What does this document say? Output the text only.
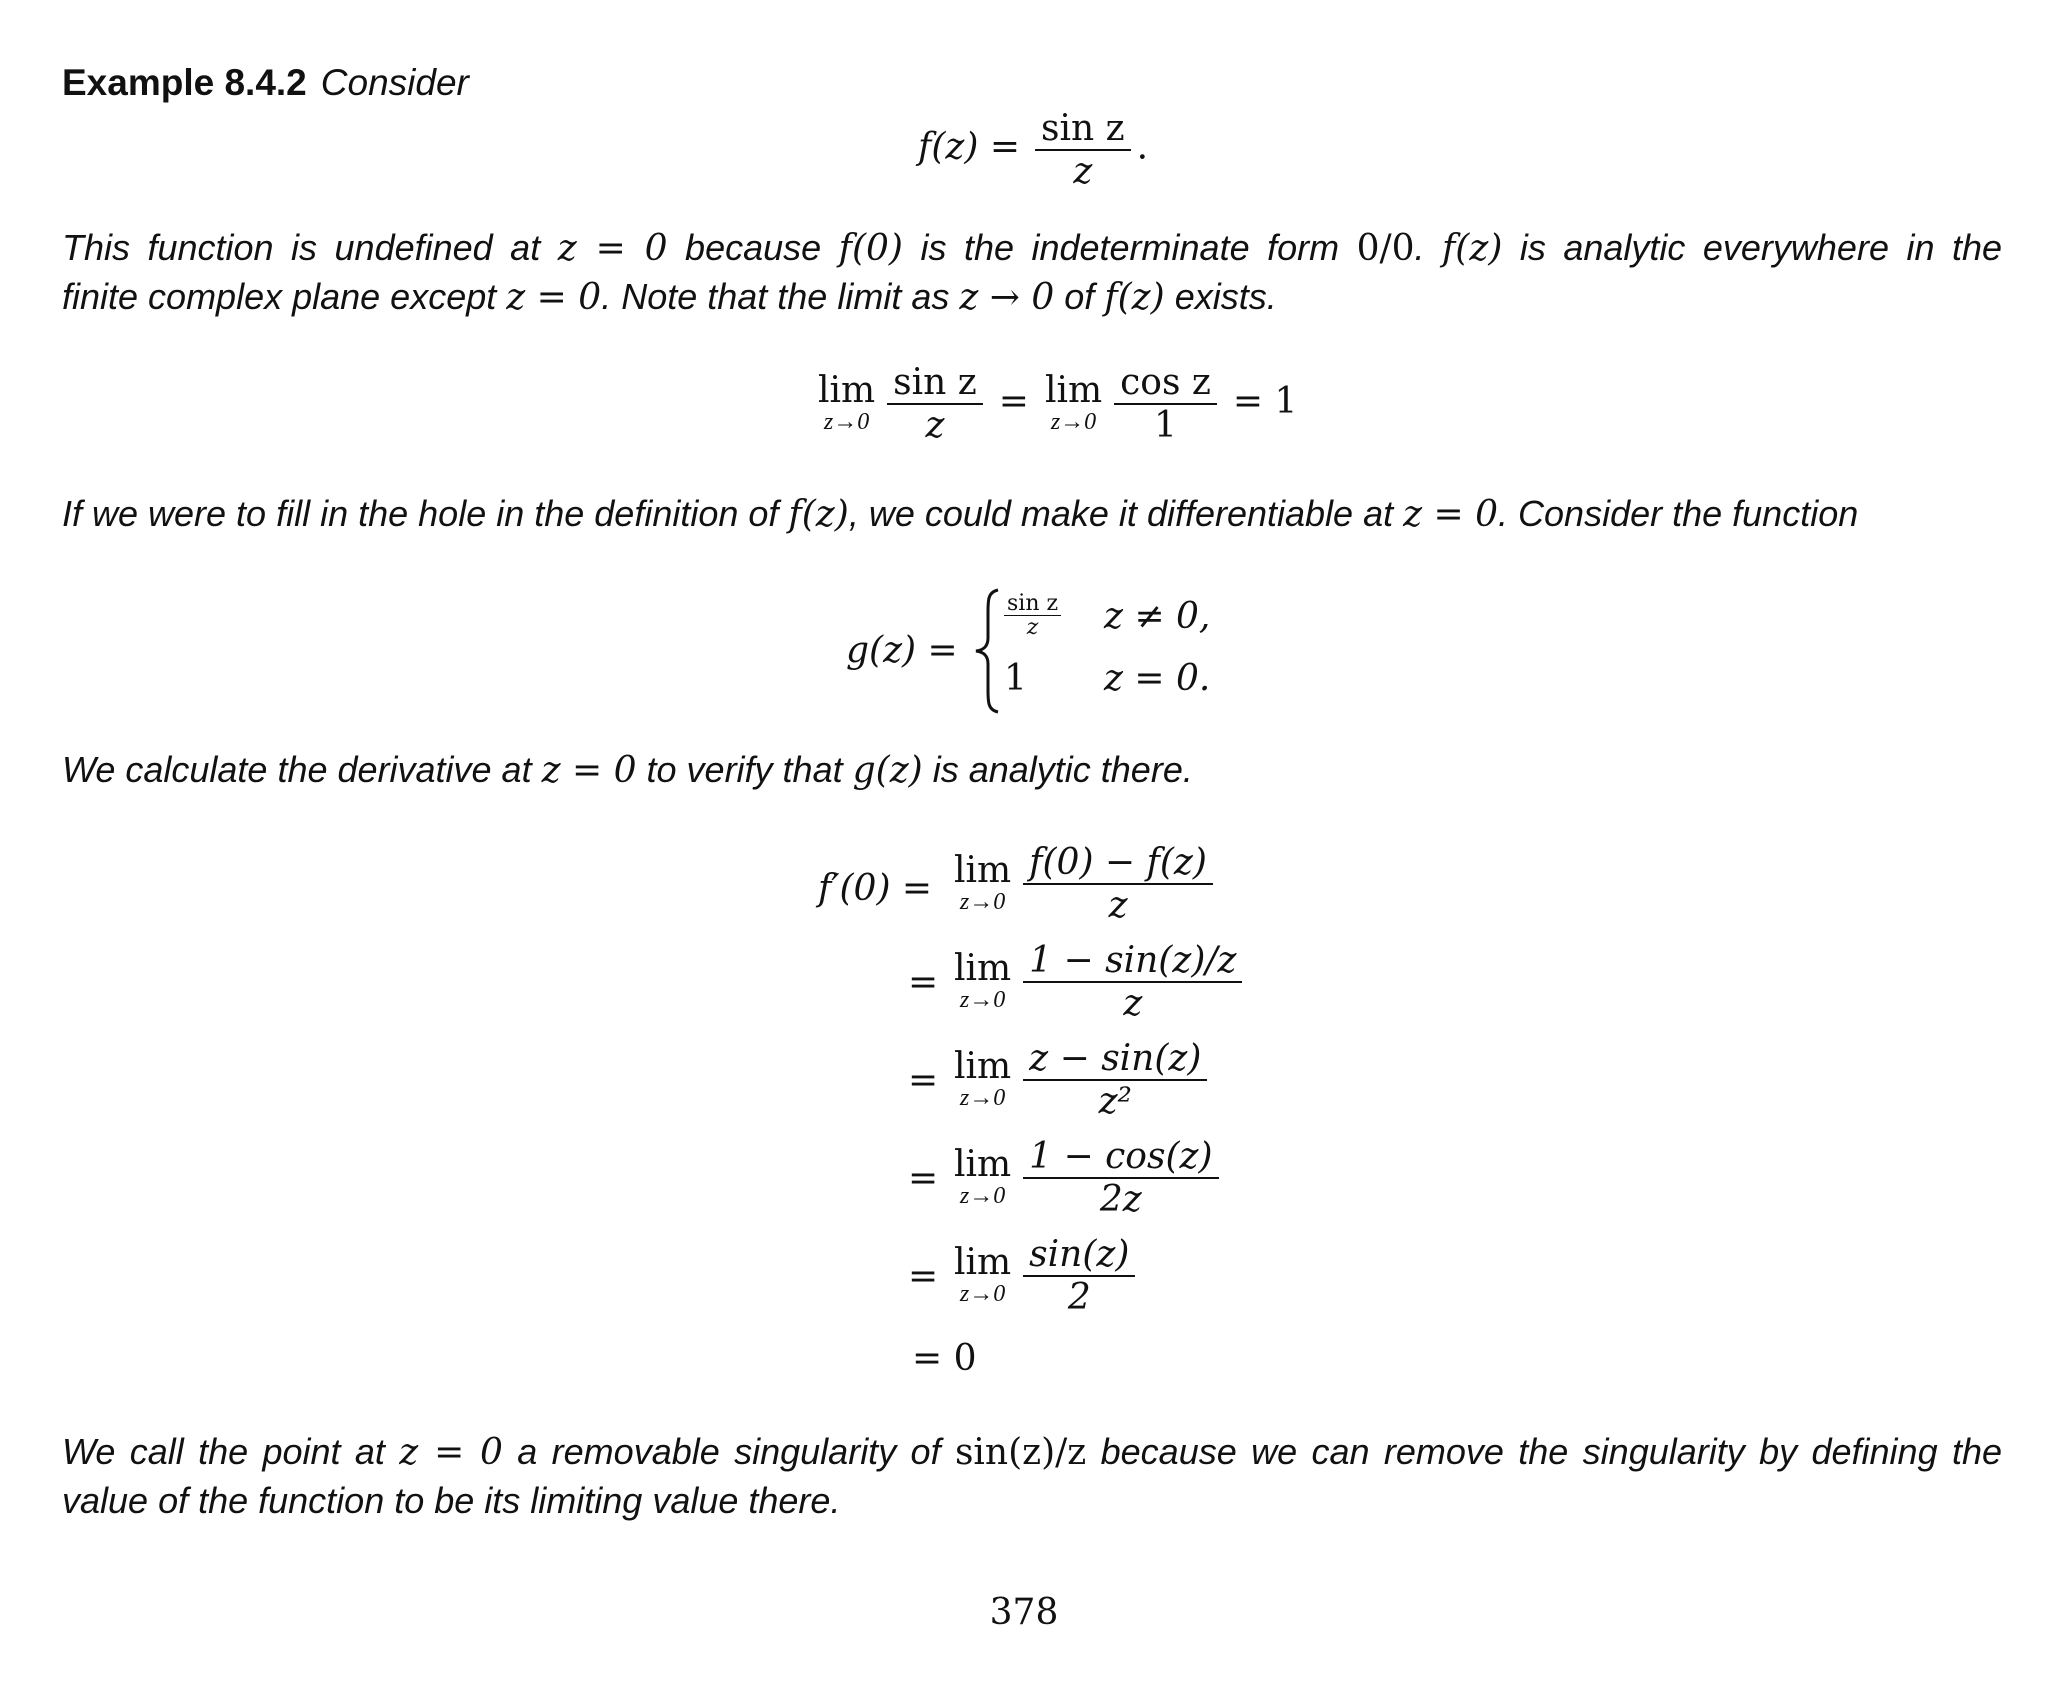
Example 8.4.2 Consider
$f(z) = \frac{\text{sin z}}{z}$ .
This function is undefined at z = 0 because f(0) is the indeterminate form 0/0. f(z) is analytic everywhere in the
finite complex plane except z = 0. Note that the limit as z → 0 of f(z) exists.
lim
$z\to 0 \frac{\text{sin z}}{z} = \lim$
$z\to 0 \frac{\text{cos z}}{1} = 1$
If we were to fill in the hole in the definition of f(z), we could make it differentiable at z = 0. Consider the function
g(z) =
sin z
z	z ≠ 0,
1 z = 0.
We calculate the derivative at z = 0 to verify that g(z) is analytic there.
f′(0) = lim
$z\to 0 \frac{f(0) - f(z)}{z}$
= lim
$z\to 0 \frac{1 - \sin(z)/z}{z}$
= lim
$z\to 0 \frac{z - \sin(z)}{\text{z²}}$
= lim
$z\to 0 \frac{1 - \cos(z)}{2z}$
= lim
$z\to 0 \frac{\sin(z)}{2}$
= 0
We call the point at z = 0 a removable singularity of sin(z)/z because we can remove the singularity by defining the
value of the function to be its limiting value there.
378
